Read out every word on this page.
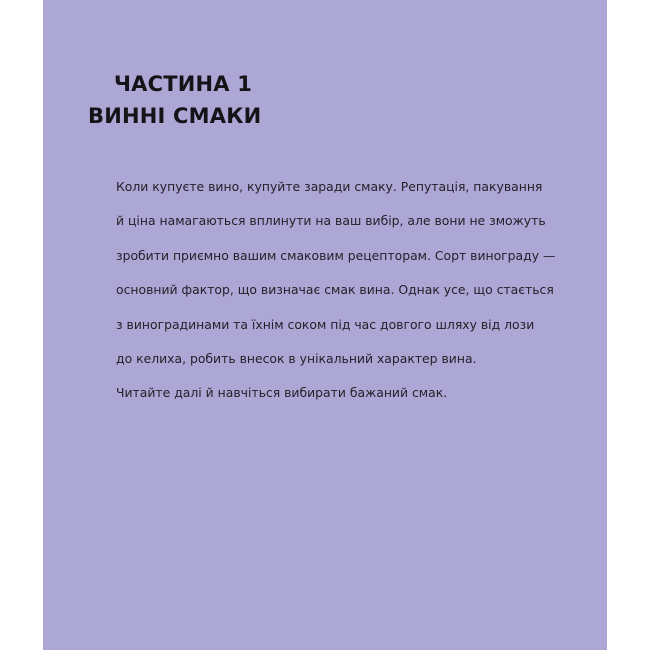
ЧАСТИНА 1
ВИННІ СМАКИ
Коли купуєте вино, купуйте заради смаку. Репутація, пакування
й ціна намагаються вплинути на ваш вибір, але вони не зможуть
зробити приємно вашим смаковим рецепторам. Сорт винограду —
основний фактор, що визначає смак вина. Однак усе, що стається
з виноградинами та їхнім соком під час довгого шляху від лози
до келиха, робить внесок в унікальний характер вина.
Читайте далі й навчіться вибирати бажаний смак.
